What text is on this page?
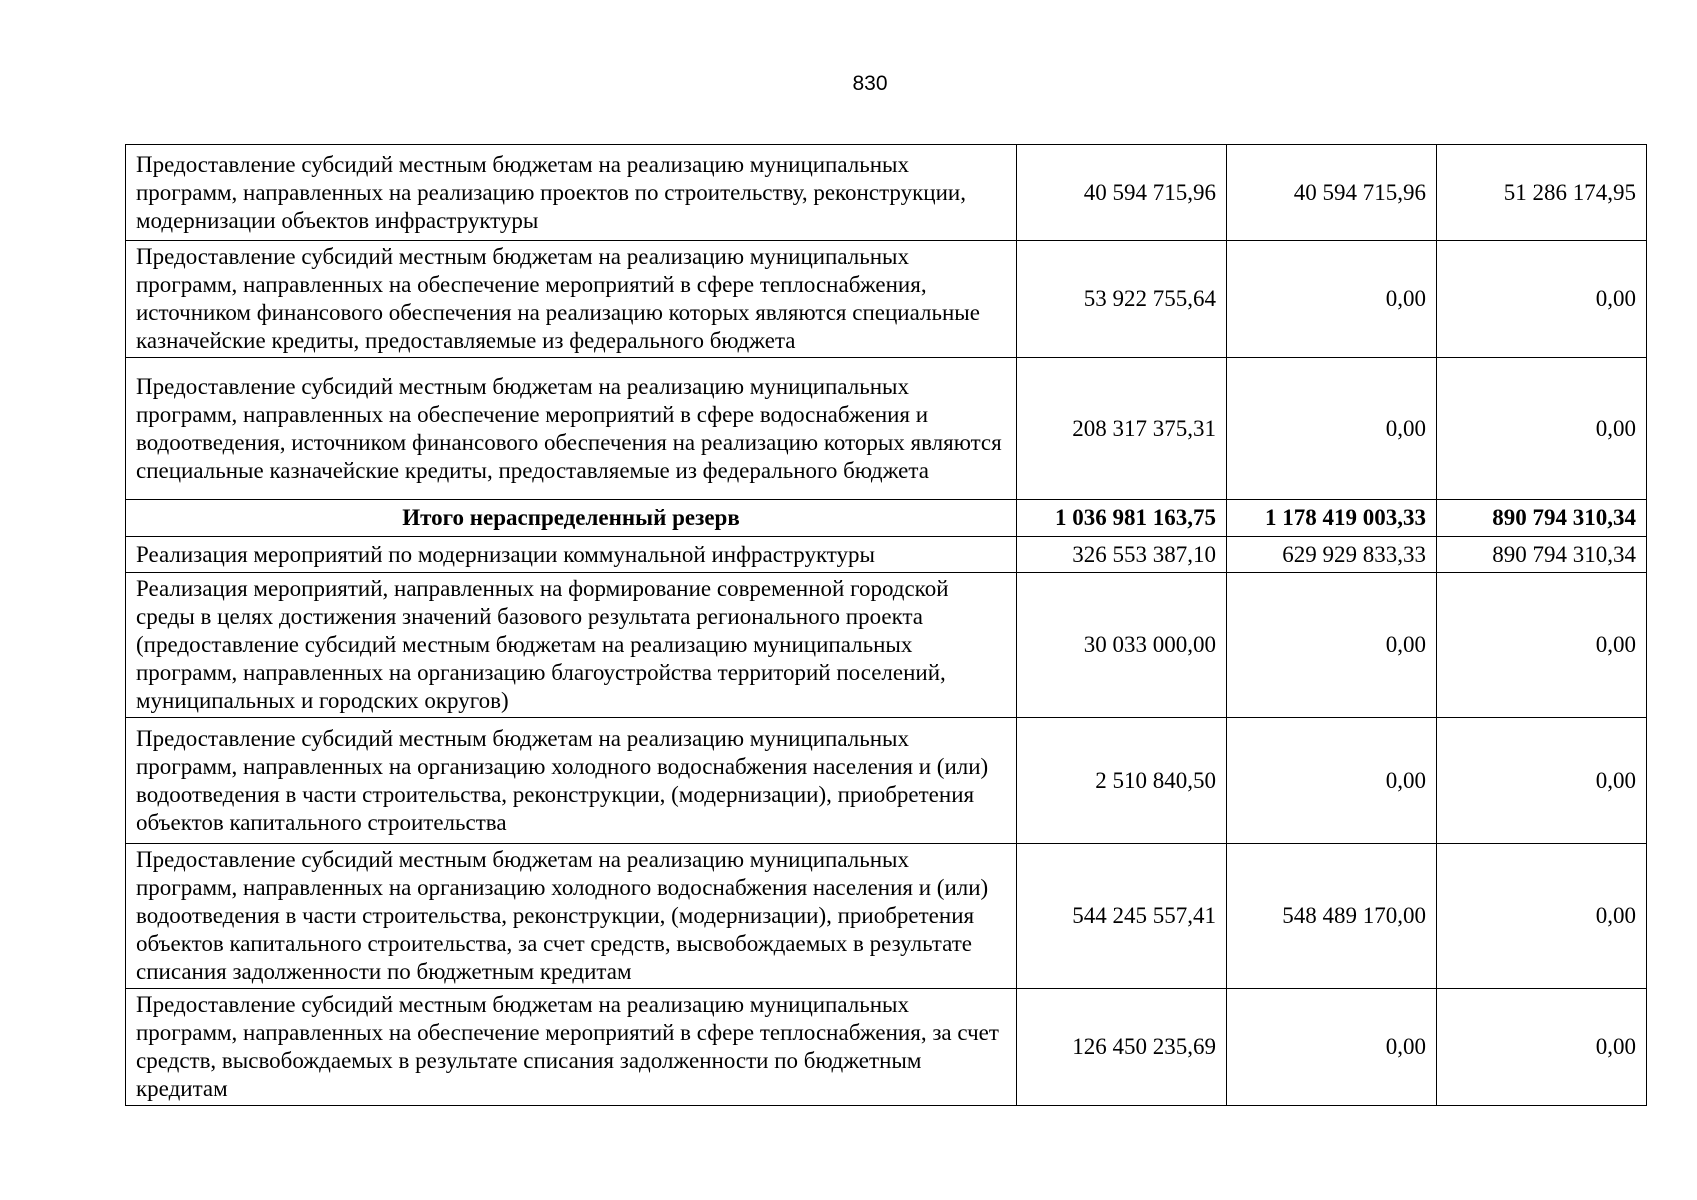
830
Предоставление субсидий местным бюджетам на реализацию муниципальных программ, направленных на реализацию проектов по строительству, реконструкции, модернизации объектов инфраструктуры	40 594 715,96	40 594 715,96	51 286 174,95
Предоставление субсидий местным бюджетам на реализацию муниципальных программ, направленных на обеспечение мероприятий в сфере теплоснабжения, источником финансового обеспечения на реализацию которых являются специальные казначейские кредиты, предоставляемые из федерального бюджета	53 922 755,64	0,00	0,00
Предоставление субсидий местным бюджетам на реализацию муниципальных программ, направленных на обеспечение мероприятий в сфере водоснабжения и водоотведения, источником финансового обеспечения на реализацию которых являются специальные казначейские кредиты, предоставляемые из федерального бюджета	208 317 375,31	0,00	0,00
Итого нераспределенный резерв	1 036 981 163,75	1 178 419 003,33	890 794 310,34
Реализация мероприятий по модернизации коммунальной инфраструктуры	326 553 387,10	629 929 833,33	890 794 310,34
Реализация мероприятий, направленных на формирование современной городской среды в целях достижения значений базового результата регионального проекта (предоставление субсидий местным бюджетам на реализацию муниципальных программ, направленных на организацию благоустройства территорий поселений, муниципальных и городских округов)	30 033 000,00	0,00	0,00
Предоставление субсидий местным бюджетам на реализацию муниципальных программ, направленных на организацию холодного водоснабжения населения и (или) водоотведения в части строительства, реконструкции, (модернизации), приобретения объектов капитального строительства	2 510 840,50	0,00	0,00
Предоставление субсидий местным бюджетам на реализацию муниципальных программ, направленных на организацию холодного водоснабжения населения и (или) водоотведения в части строительства, реконструкции, (модернизации), приобретения объектов капитального строительства, за счет средств, высвобождаемых в результате списания задолженности по бюджетным кредитам	544 245 557,41	548 489 170,00	0,00
Предоставление субсидий местным бюджетам на реализацию муниципальных программ, направленных на обеспечение мероприятий в сфере теплоснабжения, за счет средств, высвобождаемых в результате списания задолженности по бюджетным кредитам	126 450 235,69	0,00	0,00
